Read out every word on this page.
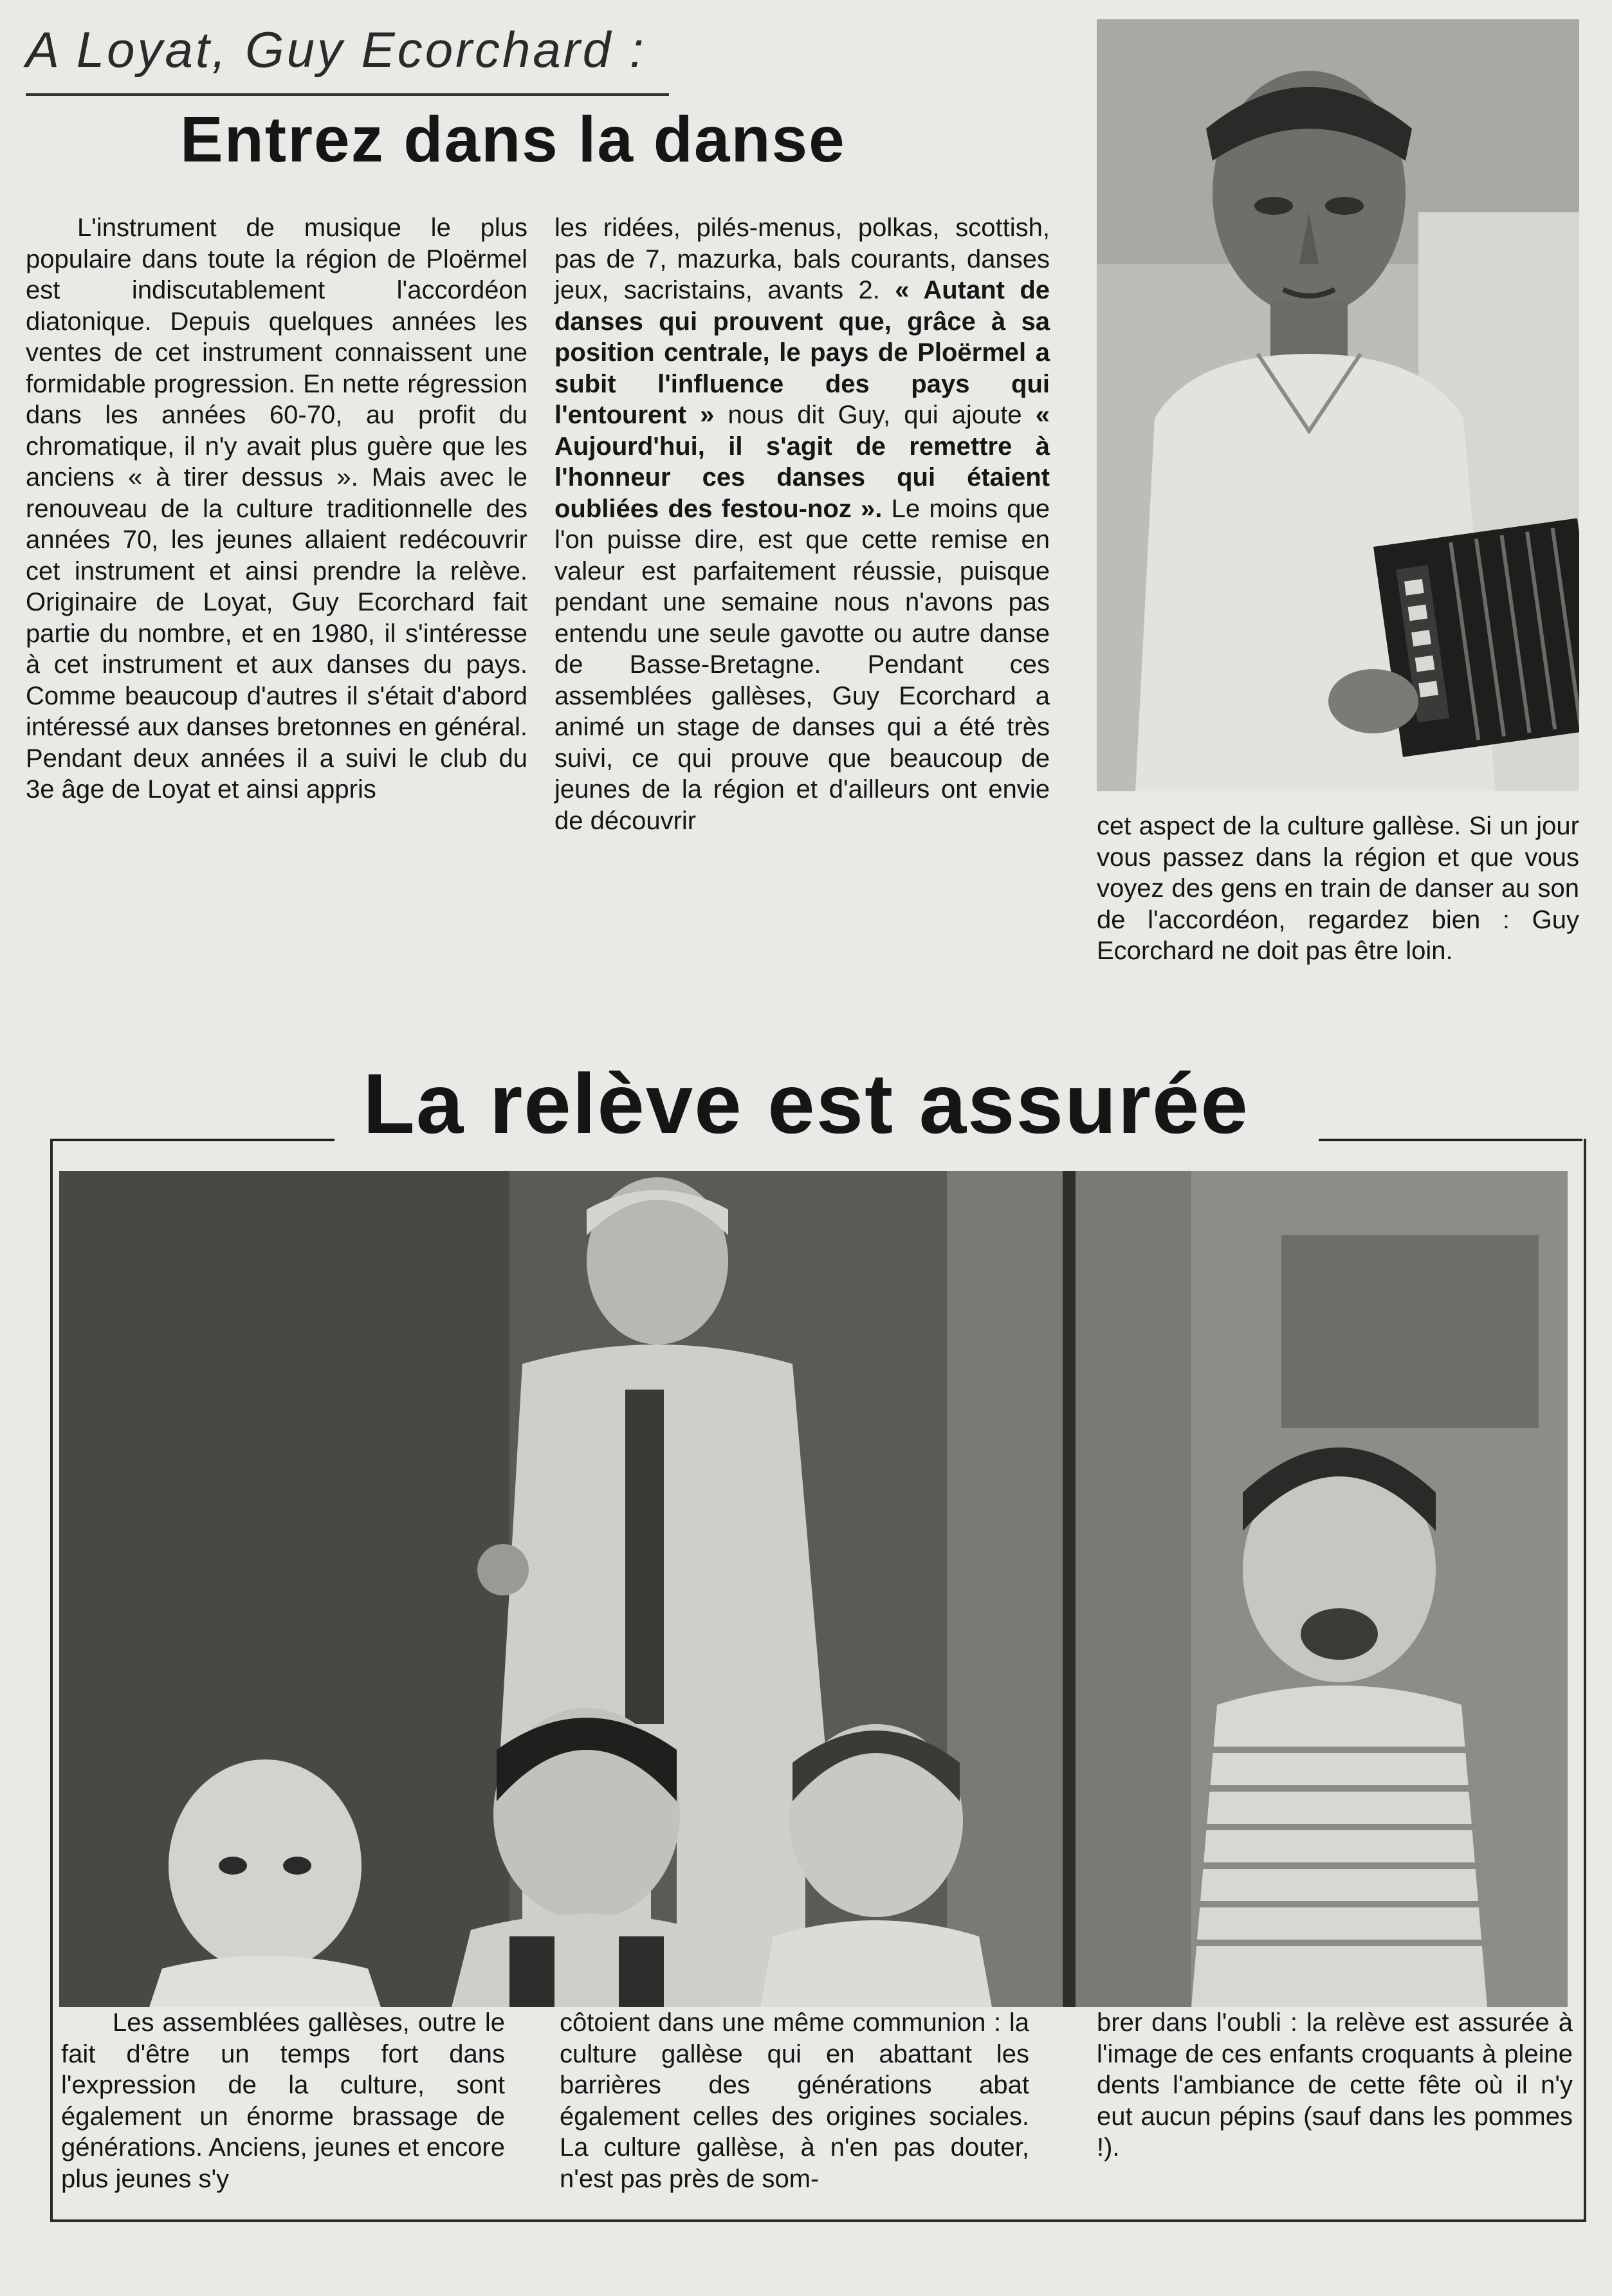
A Loyat, Guy Ecorchard :
Entrez dans la danse

L'instrument de musique le plus populaire dans toute la région de Ploërmel est indiscutablement l'accordéon diatonique. Depuis quelques années les ventes de cet instrument connaissent une formidable progression. En nette régression dans les années 60-70, au profit du chromatique, il n'y avait plus guère que les anciens « à tirer dessus ». Mais avec le renouveau de la culture traditionnelle des années 70, les jeunes allaient redécouvrir cet instrument et ainsi prendre la relève. Originaire de Loyat, Guy Ecorchard fait partie du nombre, et en 1980, il s'intéresse à cet instrument et aux danses du pays. Comme beaucoup d'autres il s'était d'abord intéressé aux danses bretonnes en général. Pendant deux années il a suivi le club du 3e âge de Loyat et ainsi appris

les ridées, pilés-menus, polkas, scottish, pas de 7, mazurka, bals courants, danses jeux, sacristains, avants 2. « Autant de danses qui prouvent que, grâce à sa position centrale, le pays de Ploërmel a subit l'influence des pays qui l'entourent » nous dit Guy, qui ajoute « Aujourd'hui, il s'agit de remettre à l'honneur ces danses qui étaient oubliées des festou-noz ». Le moins que l'on puisse dire, est que cette remise en valeur est parfaitement réussie, puisque pendant une semaine nous n'avons pas entendu une seule gavotte ou autre danse de Basse-Bretagne. Pendant ces assemblées gallèses, Guy Ecorchard a animé un stage de danses qui a été très suivi, ce qui prouve que beaucoup de jeunes de la région et d'ailleurs ont envie de découvrir	cet aspect de la culture gallèse. Si un jour vous passez dans la région et que vous voyez des gens en train de danser au son de l'accordéon, regardez bien : Guy Ecorchard ne doit pas être loin.

La relève est assurée

Les assemblées gallèses, outre le fait d'être un temps fort dans l'expression de la culture, sont également un énorme brassage de générations. Anciens, jeunes et encore plus jeunes s'y

côtoient dans une même communion : la culture gallèse qui en abattant les barrières des générations abat également celles des origines sociales. La culture gallèse, à n'en pas douter, n'est pas près de som-

brer dans l'oubli : la relève est assurée à l'image de ces enfants croquants à pleine dents l'ambiance de cette fête où il n'y eut aucun pépins (sauf dans les pommes !).
